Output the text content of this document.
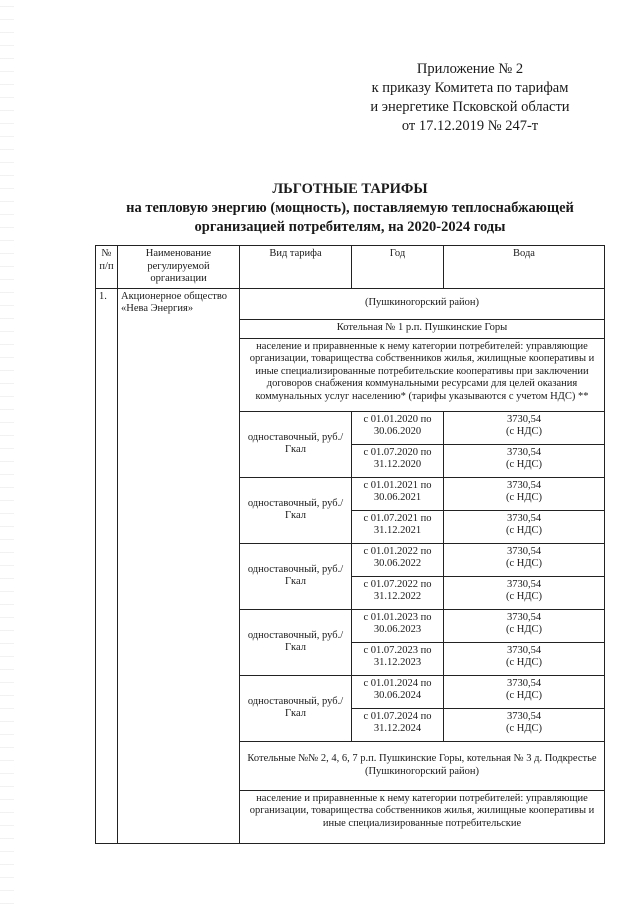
Приложение № 2
к приказу Комитета по тарифам
и энергетике Псковской области
от 17.12.2019 № 247-т
ЛЬГОТНЫЕ ТАРИФЫ
на тепловую энергию (мощность), поставляемую теплоснабжающей
организацией потребителям, на 2020-2024 годы
№ п/п	Наименование регулируемой организации	Вид тарифа	Год	Вода
1.	Акционерное общество «Нева Энергия»	(Пушкиногорский район)		
		Котельная № 1 р.п. Пушкинские Горы		
		население и приравненные к нему категории потребителей: управляющие организации, товарищества собственников жилья, жилищные кооперативы и иные специализированные потребительские кооперативы при заключении договоров снабжения коммунальными ресурсами для целей оказания коммунальных услуг населению* (тарифы указываются с учетом НДС) **		
		одноставочный, руб./Гкал	с 01.01.2020 по 30.06.2020	3730,54
(с НДС)
			с 01.07.2020 по 31.12.2020	3730,54
(с НДС)
		одноставочный, руб./Гкал	с 01.01.2021 по 30.06.2021	3730,54
(с НДС)
			с 01.07.2021 по 31.12.2021	3730,54
(с НДС)
		одноставочный, руб./Гкал	с 01.01.2022 по 30.06.2022	3730,54
(с НДС)
			с 01.07.2022 по 31.12.2022	3730,54
(с НДС)
		одноставочный, руб./Гкал	с 01.01.2023 по 30.06.2023	3730,54
(с НДС)
			с 01.07.2023 по 31.12.2023	3730,54
(с НДС)
		одноставочный, руб./Гкал	с 01.01.2024 по 30.06.2024	3730,54
(с НДС)
			с 01.07.2024 по 31.12.2024	3730,54
(с НДС)
		Котельные №№ 2, 4, 6, 7 р.п. Пушкинские Горы, котельная № 3 д. Подкрестье (Пушкиногорский район)		
		население и приравненные к нему категории потребителей: управляющие организации, товарищества собственников жилья, жилищные кооперативы и иные специализированные потребительские		
